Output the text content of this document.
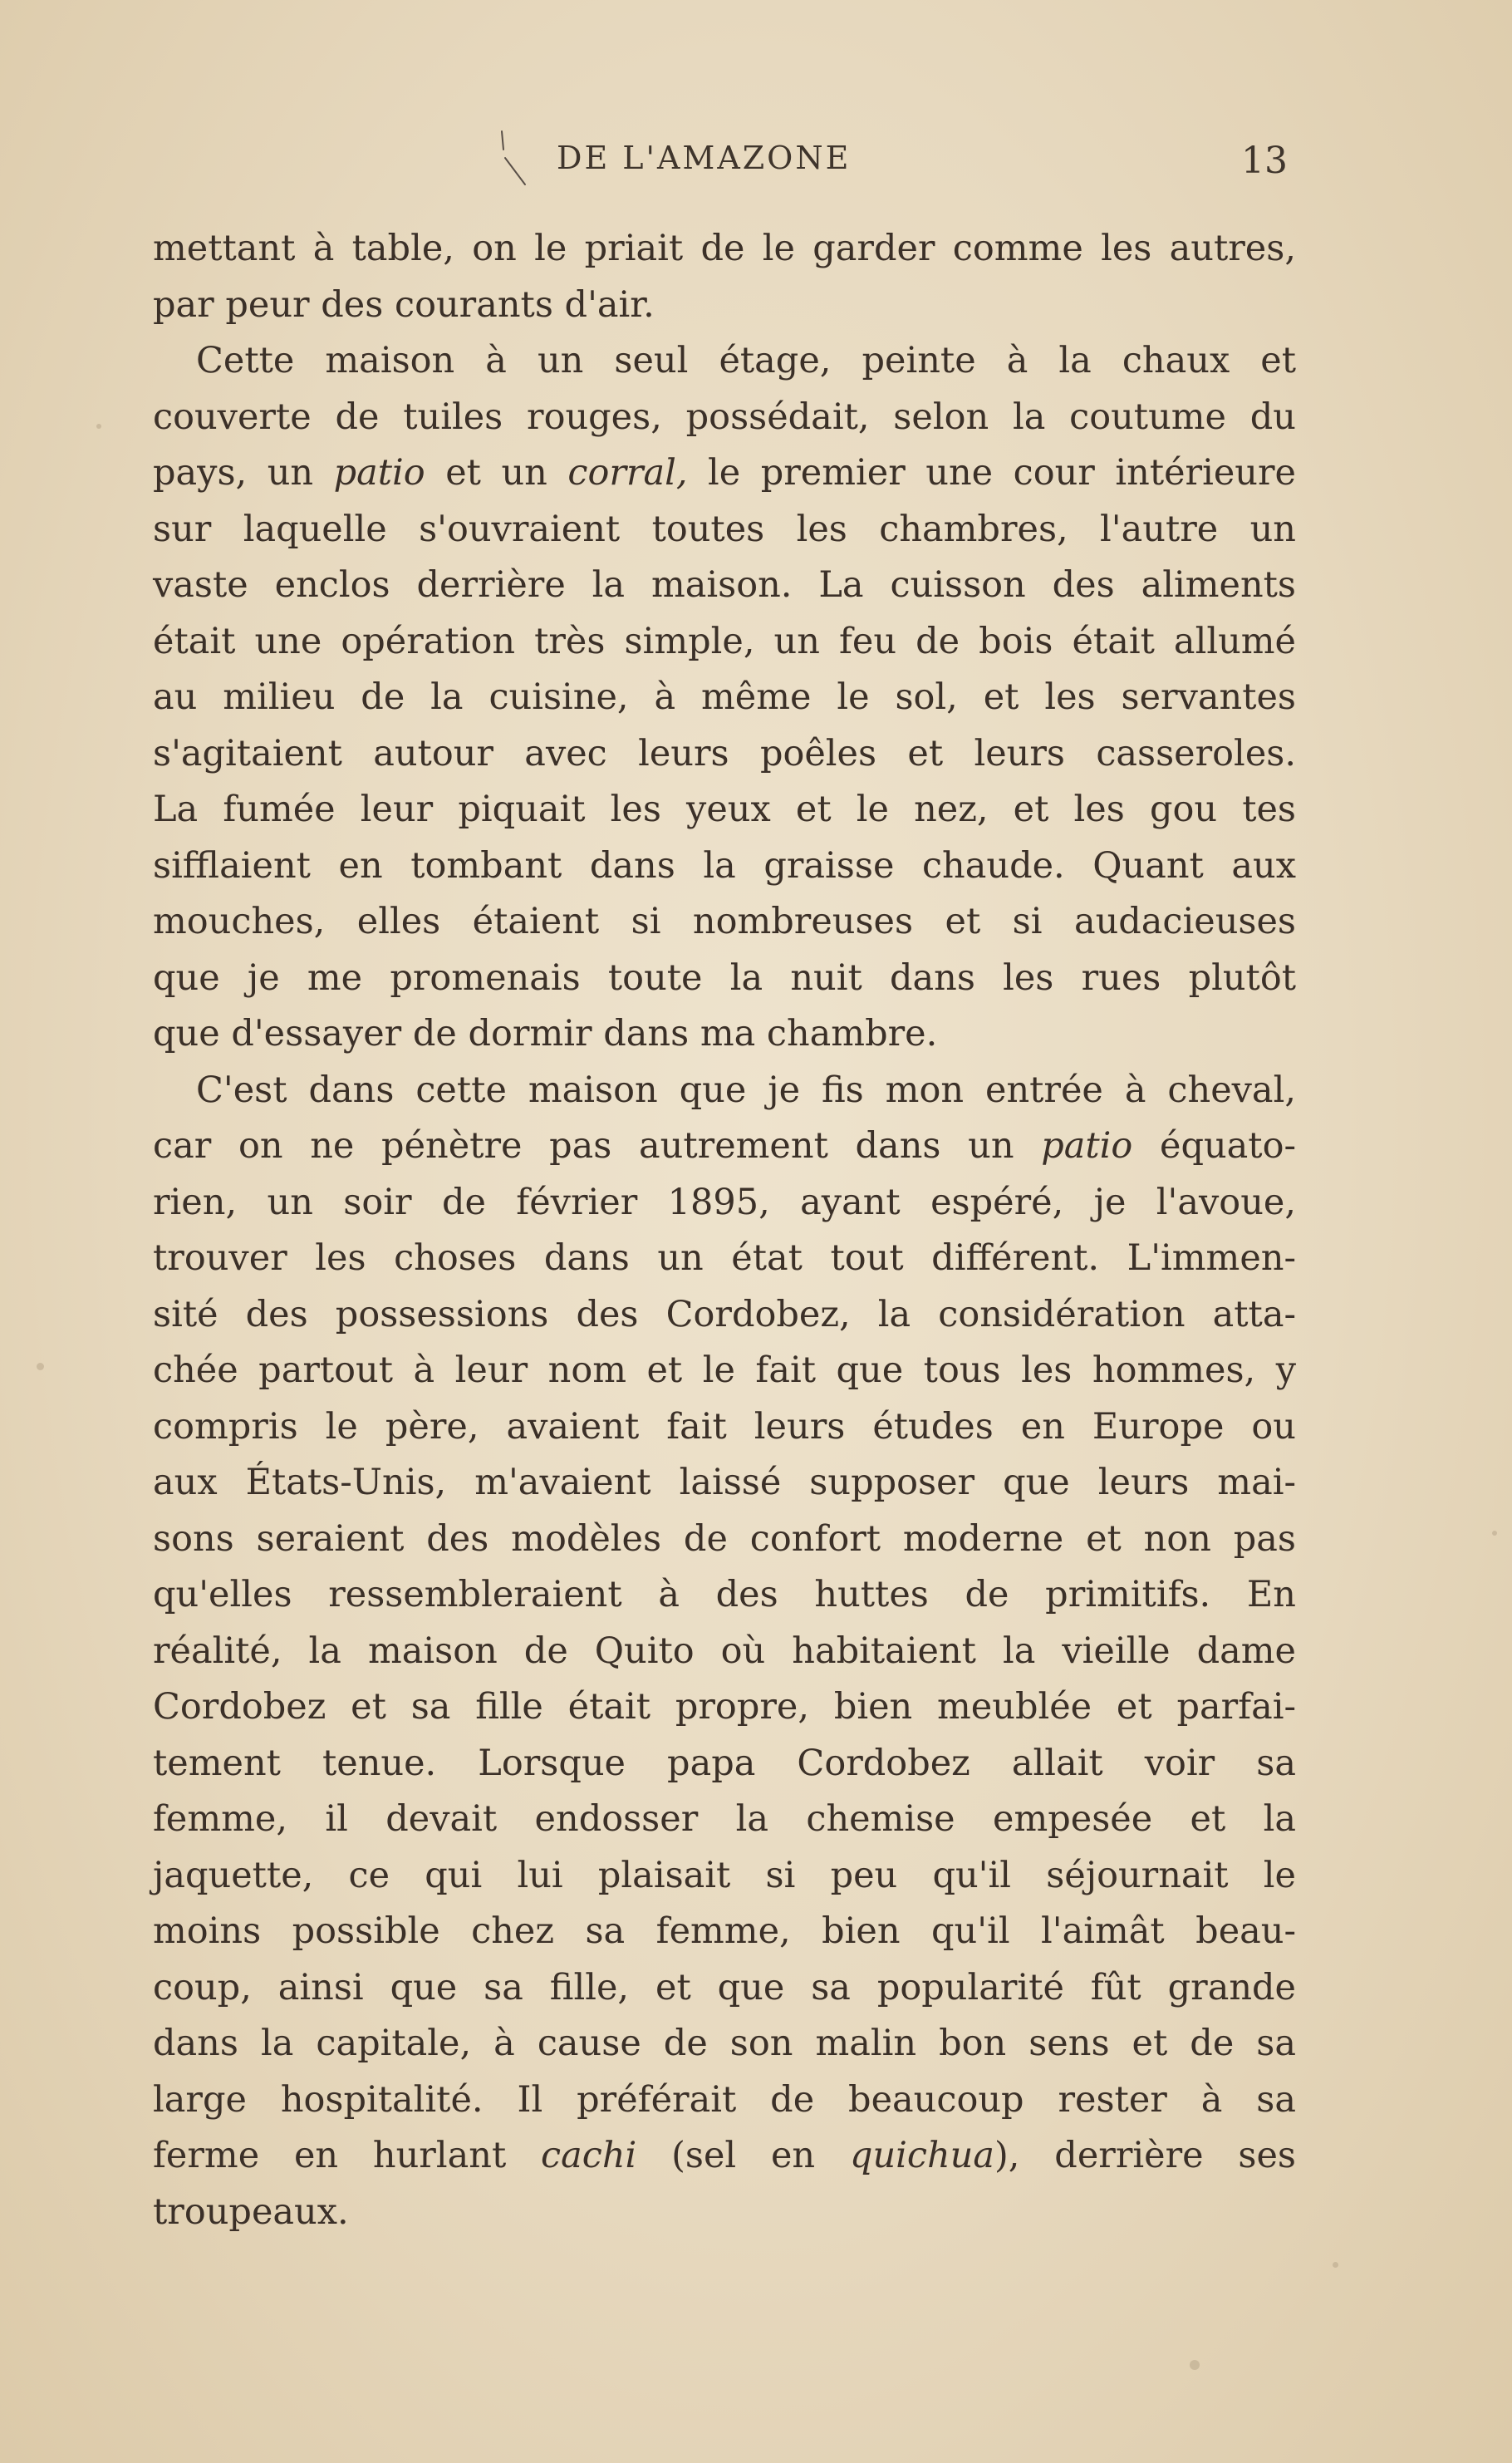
DE L'AMAZONE	13
mettant à table, on le priait de le garder comme les autres,
par peur des courants d'air.
Cette maison à un seul étage, peinte à la chaux et
couverte de tuiles rouges, possédait, selon la coutume du
pays, un patio et un corral, le premier une cour intérieure
sur laquelle s'ouvraient toutes les chambres, l'autre un
vaste enclos derrière la maison. La cuisson des aliments
était une opération très simple, un feu de bois était allumé
au milieu de la cuisine, à même le sol, et les servantes
s'agitaient autour avec leurs poêles et leurs casseroles.
La fumée leur piquait les yeux et le nez, et les gou tes
sifflaient en tombant dans la graisse chaude. Quant aux
mouches, elles étaient si nombreuses et si audacieuses
que je me promenais toute la nuit dans les rues plutôt
que d'essayer de dormir dans ma chambre.
C'est dans cette maison que je fis mon entrée à cheval,
car on ne pénètre pas autrement dans un patio équato-
rien, un soir de février 1895, ayant espéré, je l'avoue,
trouver les choses dans un état tout différent. L'immen-
sité des possessions des Cordobez, la considération atta-
chée partout à leur nom et le fait que tous les hommes, y
compris le père, avaient fait leurs études en Europe ou
aux États-Unis, m'avaient laissé supposer que leurs mai-
sons seraient des modèles de confort moderne et non pas
qu'elles ressembleraient à des huttes de primitifs. En
réalité, la maison de Quito où habitaient la vieille dame
Cordobez et sa fille était propre, bien meublée et parfai-
tement tenue. Lorsque papa Cordobez allait voir sa
femme, il devait endosser la chemise empesée et la
jaquette, ce qui lui plaisait si peu qu'il séjournait le
moins possible chez sa femme, bien qu'il l'aimât beau-
coup, ainsi que sa fille, et que sa popularité fût grande
dans la capitale, à cause de son malin bon sens et de sa
large hospitalité. Il préférait de beaucoup rester à sa
ferme en hurlant cachi (sel en quichua), derrière ses
troupeaux.
